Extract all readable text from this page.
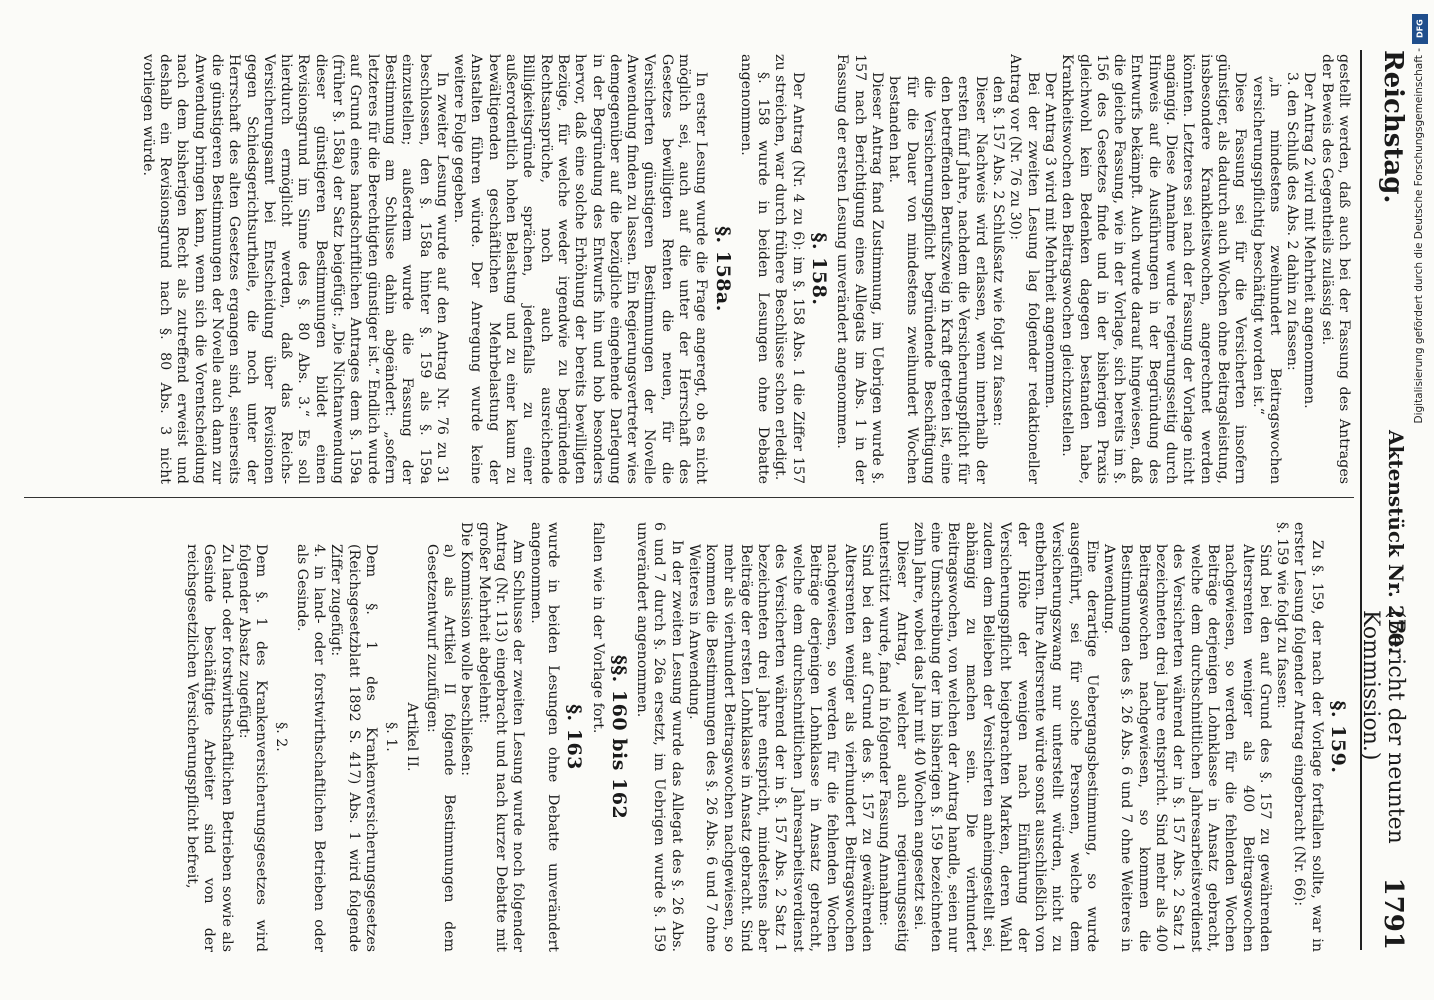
Reichstag.
Aktenstück Nr. 270.
(Bericht der neunten Kommission.)
1791

gestellt werden, daß auch bei der Fassung des Antrages der Beweis des Gegentheils zulässig sei.

Der Antrag 2 wird mit Mehrheit angenommen.

3. den Schluß des Abs. 2 dahin zu fassen:

„in mindestens zweihundert Beitragswochen versicherungspflichtig beschäftigt worden ist.“

Diese Fassung sei für die Versicherten insofern günstiger, als dadurch auch Wochen ohne Beitragsleistung, insbesondere Krankheitswochen, angerechnet werden könnten. Letzteres sei nach der Fassung der Vorlage nicht angängig. Diese Annahme wurde regierungsseitig durch Hinweis auf die Ausführungen in der Begründung des Entwurfs bekämpft. Auch wurde darauf hingewiesen, daß die gleiche Fassung, wie in der Vorlage, sich bereits im §. 156 des Gesetzes finde und in der bisherigen Praxis gleichwohl kein Bedenken dagegen bestanden habe, Krankheitswochen den Beitragswochen gleichzustellen.

Der Antrag 3 wird mit Mehrheit angenommen.

Bei der zweiten Lesung lag folgender redaktioneller Antrag vor (Nr. 76 zu 30):

den §. 157 Abs. 2 Schlußsatz wie folgt zu fassen:

Dieser Nachweis wird erlassen, wenn innerhalb der ersten fünf Jahre, nachdem die Versicherungspflicht für den betreffenden Berufszweig in Kraft getreten ist, eine die Versicherungspflicht begründende Beschäftigung für die Dauer von mindestens zweihundert Wochen bestanden hat.

Dieser Antrag fand Zustimmung, im Uebrigen wurde §. 157 nach Berichtigung eines Allegats im Abs. 1 in der Fassung der ersten Lesung unverändert angenommen.

§. 158.

Der Antrag (Nr. 4 zu 6): im §. 158 Abs. 1 die Ziffer 157 zu streichen, war durch frühere Beschlüsse schon erledigt.

§. 158 wurde in beiden Lesungen ohne Debatte angenommen.

§. 158a.

In erster Lesung wurde die Frage angeregt, ob es nicht möglich sei, auch auf die unter der Herrschaft des Gesetzes bewilligten Renten die neuen, für die Versicherten günstigeren Bestimmungen der Novelle Anwendung finden zu lassen. Ein Regierungsvertreter wies demgegenüber auf die bezügliche eingehende Darlegung in der Begründung des Entwurfs hin und hob besonders hervor, daß eine solche Erhöhung der bereits bewilligten Bezüge, für welche weder irgendwie zu begründende Rechtsansprüche, noch auch ausreichende Billigkeitsgründe sprächen, jedenfalls zu einer außerordentlich hohen Belastung und zu einer kaum zu bewältigenden geschäftlichen Mehrbelastung der Anstalten führen würde. Der Anregung wurde keine weitere Folge gegeben.

In zweiter Lesung wurde auf den Antrag Nr. 76 zu 31 beschlossen, den §. 158a hinter §. 159 als §. 159a einzustellen; außerdem wurde die Fassung der Bestimmung am Schlusse dahin abgeändert: „sofern letzteres für die Berechtigten günstiger ist.“ Endlich wurde auf Grund eines handschriftlichen Antrages dem §. 159a (früher §. 158a) der Satz beigefügt: „Die Nichtanwendung dieser günstigeren Bestimmungen bildet einen Revisionsgrund im Sinne des §. 80 Abs. 3.“ Es soll hierdurch ermöglicht werden, daß das Reichs-Versicherungsamt bei Entscheidung über Revisionen gegen Schiedsgerichtsurtheile, die noch unter der Herrschaft des alten Gesetzes ergangen sind, seinerseits die günstigeren Bestimmungen der Novelle auch dann zur Anwendung bringen kann, wenn sich die Vorentscheidung nach dem bisherigen Recht als zutreffend erweist und deshalb ein Revisionsgrund nach §. 80 Abs. 3 nicht vorliegen würde.

§. 159.

Zu §. 159, der nach der Vorlage fortfallen sollte, war in erster Lesung folgender Antrag eingebracht (Nr. 66):

§. 159 wie folgt zu fassen:

Sind bei den auf Grund des §. 157 zu gewährenden Altersrenten weniger als 400 Beitragswochen nachgewiesen, so werden für die fehlenden Wochen Beiträge derjenigen Lohnklasse in Ansatz gebracht, welche dem durchschnittlichen Jahresarbeitsverdienst des Versicherten während der in §. 157 Abs. 2 Satz 1 bezeichneten drei Jahre entspricht. Sind mehr als 400 Beitragswochen nachgewiesen, so kommen die Bestimmungen des §. 26 Abs. 6 und 7 ohne Weiteres in Anwendung.

Eine derartige Uebergangsbestimmung, so wurde ausgeführt, sei für solche Personen, welche dem Versicherungszwang nur unterstellt würden, nicht zu entbehren. Ihre Altersrente würde sonst ausschließlich von der Höhe der wenigen nach Einführung der Versicherungspflicht beigebrachten Marken, deren Wahl zudem dem Belieben der Versicherten anheimgestellt sei, abhängig zu machen sein. Die vierhundert Beitragswochen, von welchen der Antrag handle, seien nur eine Umschreibung der im bisherigen §. 159 bezeichneten zehn Jahre, wobei das Jahr mit 40 Wochen angesetzt sei.

Dieser Antrag, welcher auch regierungsseitig unterstützt wurde, fand in folgender Fassung Annahme:

Sind bei den auf Grund des §. 157 zu gewährenden Altersrenten weniger als vierhundert Beitragswochen nachgewiesen, so werden für die fehlenden Wochen Beiträge derjenigen Lohnklasse in Ansatz gebracht, welche dem durchschnittlichen Jahresarbeitsverdienst des Versicherten während der in §. 157 Abs. 2 Satz 1 bezeichneten drei Jahre entspricht, mindestens aber Beiträge der ersten Lohnklasse in Ansatz gebracht. Sind mehr als vierhundert Beitragswochen nachgewiesen, so kommen die Bestimmungen des §. 26 Abs. 6 und 7 ohne Weiteres in Anwendung.

In der zweiten Lesung wurde das Allegat des §. 26 Abs. 6 und 7 durch §. 26a ersetzt, im Uebrigen wurde §. 159 unverändert angenommen.

§§. 160 bis 162

fallen wie in der Vorlage fort.

§. 163

wurde in beiden Lesungen ohne Debatte unverändert angenommen.

Am Schlusse der zweiten Lesung wurde noch folgender Antrag (Nr. 113) eingebracht und nach kurzer Debatte mit großer Mehrheit abgelehnt:

Die Kommission wolle beschließen:

a) als Artikel II folgende Bestimmungen dem Gesetzentwurf zuzufügen:

Artikel II.

§. 1.

Dem §. 1 des Krankenversicherungsgesetzes (Reichsgesetzblatt 1892 S. 417) Abs. 1 wird folgende Ziffer zugefügt:

4. in land- oder forstwirthschaftlichen Betrieben oder als Gesinde.

§. 2.

Dem §. 1 des Krankenversicherungsgesetzes wird folgender Absatz zugefügt:

Zu land- oder forstwirthschaftlichen Betrieben sowie als Gesinde beschäftigte Arbeiter sind von der reichsgesetzlichen Versicherungspflicht befreit,

DFG
Digitalisierung gefördert durch die Deutsche Forschungsgemeinschaft -
